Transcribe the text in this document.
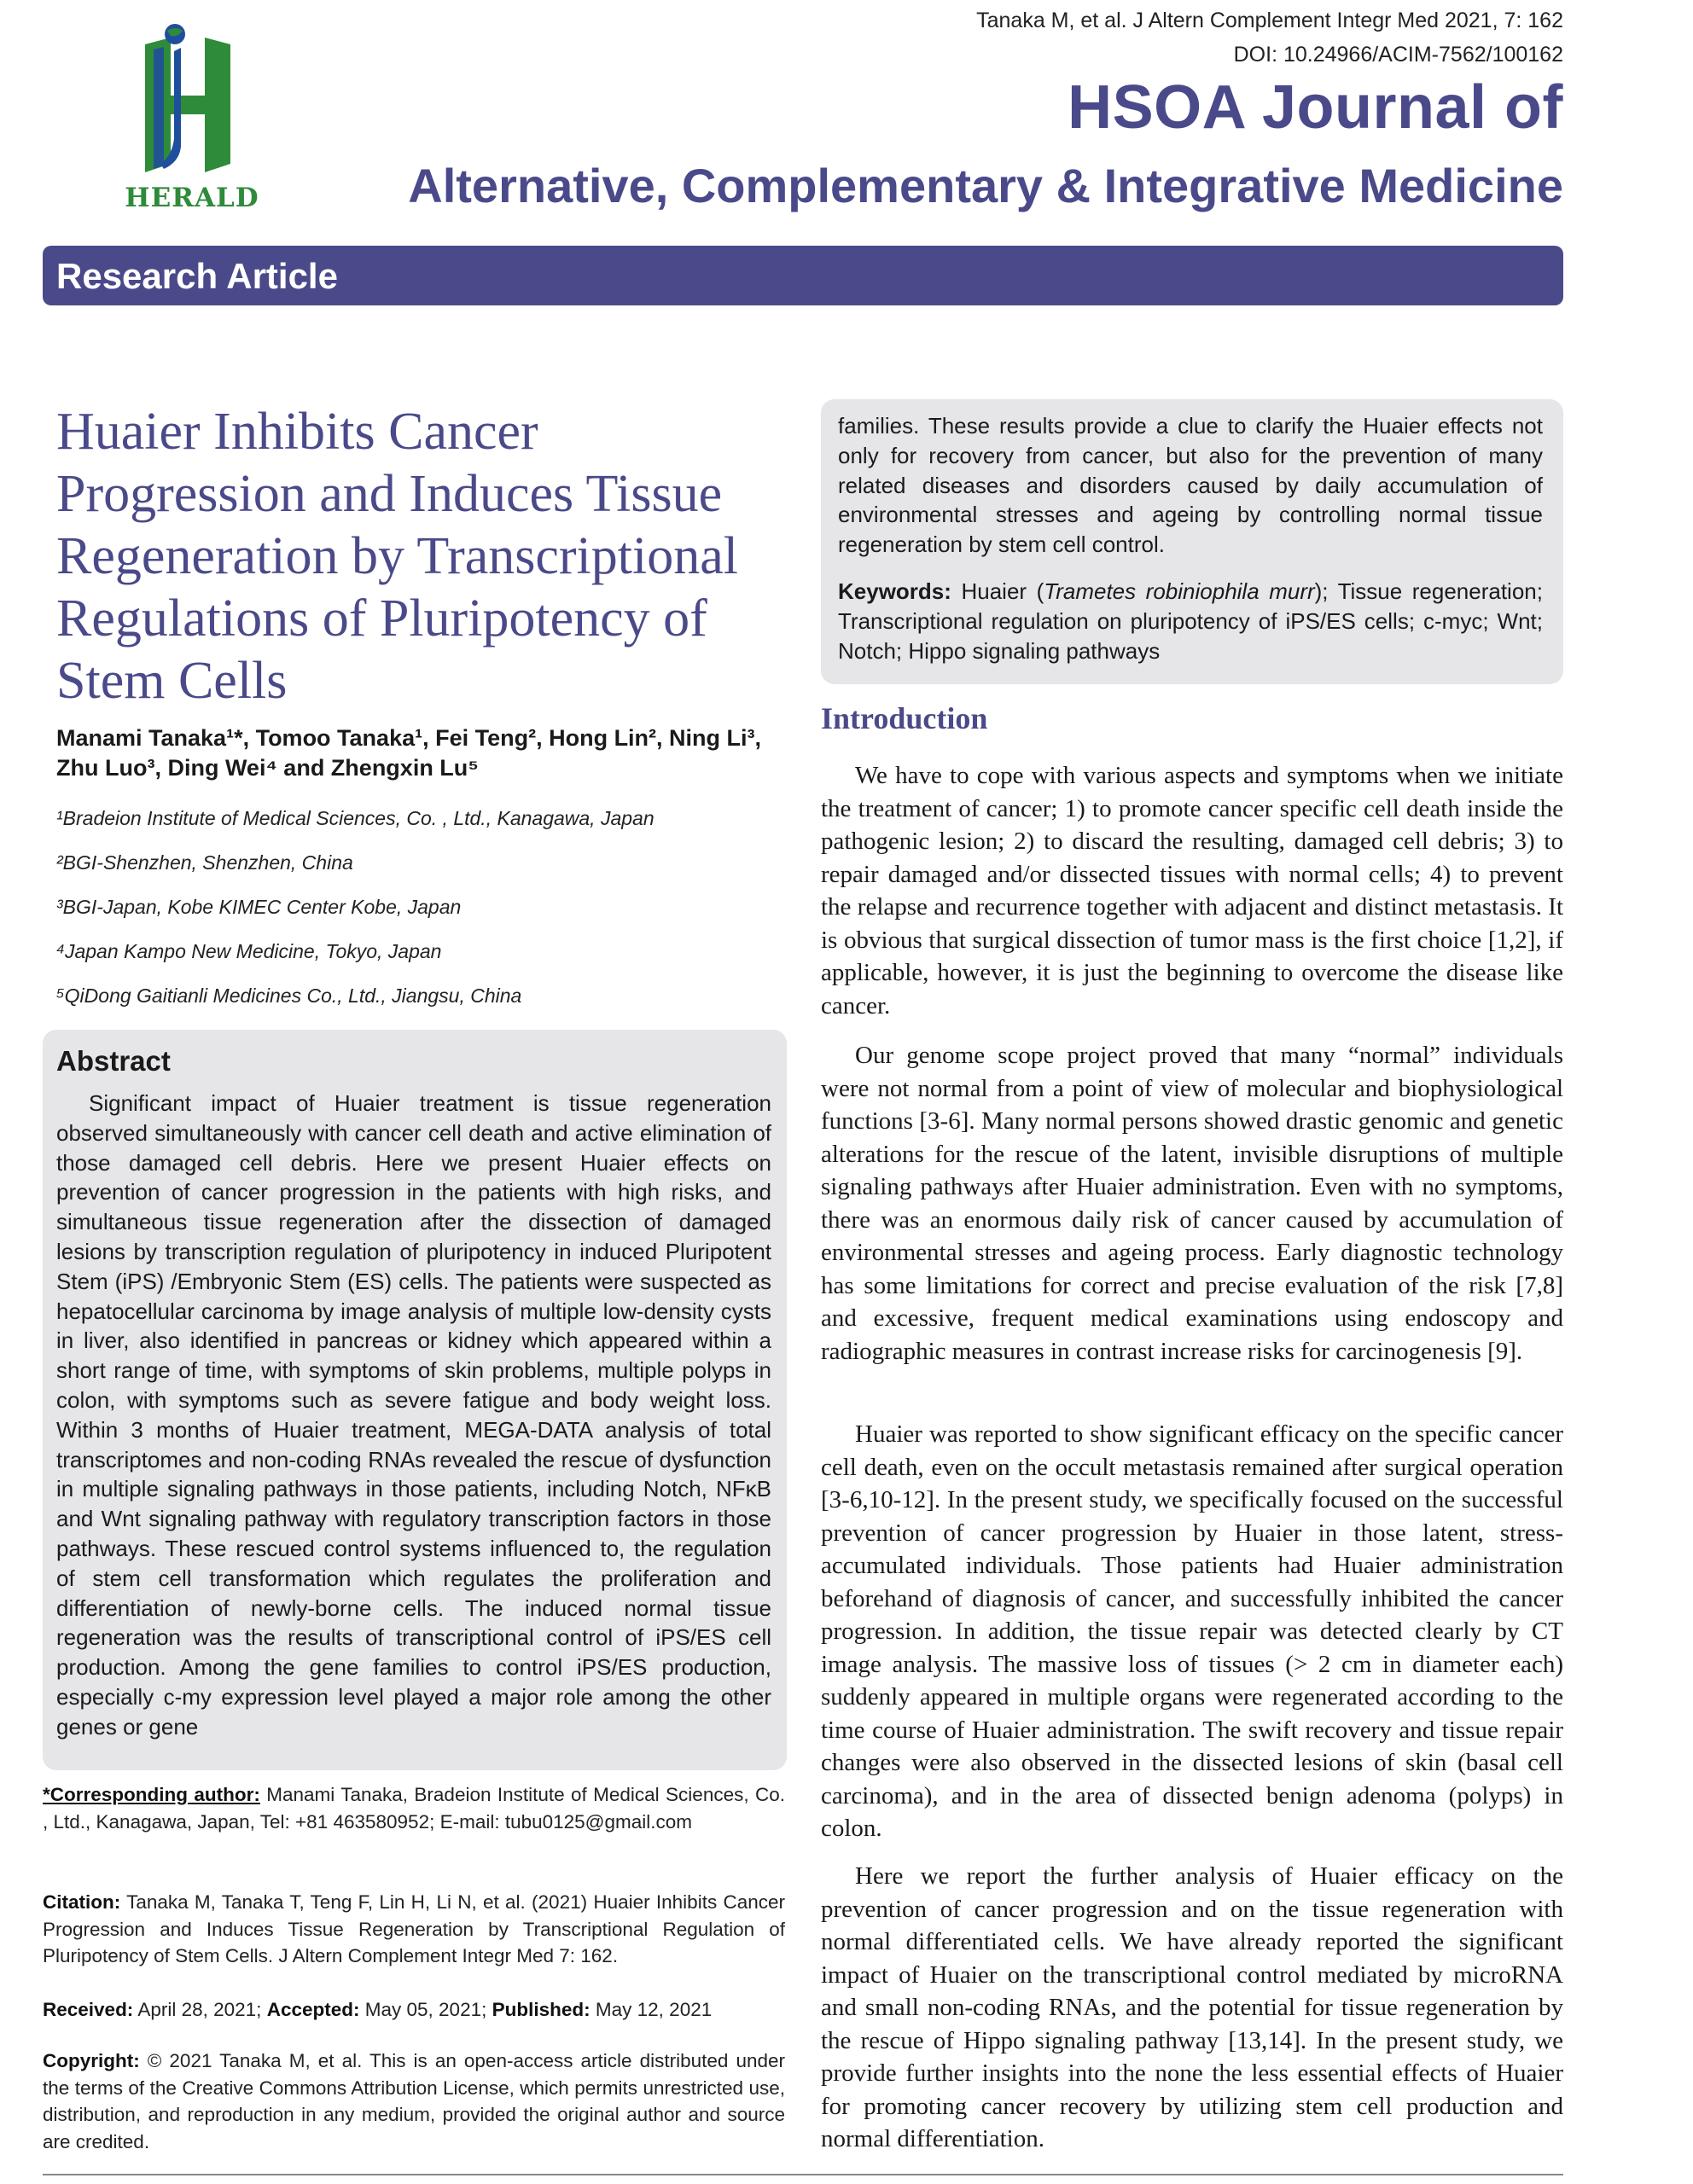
HERALD
Tanaka M, et al. J Altern Complement Integr Med 2021, 7: 162
DOI: 10.24966/ACIM-7562/100162
HSOA Journal of
Alternative, Complementary & Integrative Medicine
Research Article
Huaier Inhibits Cancer Progression and Induces Tissue Regeneration by Transcriptional Regulations of Pluripotency of Stem Cells
Manami Tanaka¹*, Tomoo Tanaka¹, Fei Teng², Hong Lin², Ning Li³, Zhu Luo³, Ding Wei⁴ and Zhengxin Lu⁵
¹Bradeion Institute of Medical Sciences, Co. , Ltd., Kanagawa, Japan
²BGI-Shenzhen, Shenzhen, China
³BGI-Japan, Kobe KIMEC Center Kobe, Japan
⁴Japan Kampo New Medicine, Tokyo, Japan
⁵QiDong Gaitianli Medicines Co., Ltd., Jiangsu, China
Abstract

Significant impact of Huaier treatment is tissue regeneration observed simultaneously with cancer cell death and active elimination of those damaged cell debris. Here we present Huaier effects on prevention of cancer progression in the patients with high risks, and simultaneous tissue regeneration after the dissection of damaged lesions by transcription regulation of pluripotency in induced Pluripotent Stem (iPS) /Embryonic Stem (ES) cells. The patients were suspected as hepatocellular carcinoma by image analysis of multiple low-density cysts in liver, also identified in pancreas or kidney which appeared within a short range of time, with symptoms of skin problems, multiple polyps in colon, with symptoms such as severe fatigue and body weight loss. Within 3 months of Huaier treatment, MEGA-DATA analysis of total transcriptomes and non-coding RNAs revealed the rescue of dysfunction in multiple signaling pathways in those patients, including Notch, NFκB and Wnt signaling pathway with regulatory transcription factors in those pathways. These rescued control systems influenced to, the regulation of stem cell transformation which regulates the proliferation and differentiation of newly-borne cells. The induced normal tissue regeneration was the results of transcriptional control of iPS/ES cell production. Among the gene families to control iPS/ES production, especially c-my expression level played a major role among the other genes or gene

*Corresponding author: Manami Tanaka, Bradeion Institute of Medical Sciences, Co. , Ltd., Kanagawa, Japan, Tel: +81 463580952; E-mail: tubu0125@gmail.com

Citation: Tanaka M, Tanaka T, Teng F, Lin H, Li N, et al. (2021) Huaier Inhibits Cancer Progression and Induces Tissue Regeneration by Transcriptional Regulation of Pluripotency of Stem Cells. J Altern Complement Integr Med 7: 162.

Received: April 28, 2021; Accepted: May 05, 2021; Published: May 12, 2021

Copyright: © 2021 Tanaka M, et al. This is an open-access article distributed under the terms of the Creative Commons Attribution License, which permits unrestricted use, distribution, and reproduction in any medium, provided the original author and source are credited.

families. These results provide a clue to clarify the Huaier effects not only for recovery from cancer, but also for the prevention of many related diseases and disorders caused by daily accumulation of environmental stresses and ageing by controlling normal tissue regeneration by stem cell control.

Keywords: Huaier (Trametes robiniophila murr); Tissue regeneration; Transcriptional regulation on pluripotency of iPS/ES cells; c-myc; Wnt; Notch; Hippo signaling pathways

Introduction

We have to cope with various aspects and symptoms when we initiate the treatment of cancer; 1) to promote cancer specific cell death inside the pathogenic lesion; 2) to discard the resulting, damaged cell debris; 3) to repair damaged and/or dissected tissues with normal cells; 4) to prevent the relapse and recurrence together with adjacent and distinct metastasis. It is obvious that surgical dissection of tumor mass is the first choice [1,2], if applicable, however, it is just the beginning to overcome the disease like cancer.

Our genome scope project proved that many “normal” individuals were not normal from a point of view of molecular and biophysiological functions [3-6]. Many normal persons showed drastic genomic and genetic alterations for the rescue of the latent, invisible disruptions of multiple signaling pathways after Huaier administration. Even with no symptoms, there was an enormous daily risk of cancer caused by accumulation of environmental stresses and ageing process. Early diagnostic technology has some limitations for correct and precise evaluation of the risk [7,8] and excessive, frequent medical examinations using endoscopy and radiographic measures in contrast increase risks for carcinogenesis [9].

Huaier was reported to show significant efficacy on the specific cancer cell death, even on the occult metastasis remained after surgical operation [3-6,10-12]. In the present study, we specifically focused on the successful prevention of cancer progression by Huaier in those latent, stress-accumulated individuals. Those patients had Huaier administration beforehand of diagnosis of cancer, and successfully inhibited the cancer progression. In addition, the tissue repair was detected clearly by CT image analysis. The massive loss of tissues (> 2 cm in diameter each) suddenly appeared in multiple organs were regenerated according to the time course of Huaier administration. The swift recovery and tissue repair changes were also observed in the dissected lesions of skin (basal cell carcinoma), and in the area of dissected benign adenoma (polyps) in colon.

Here we report the further analysis of Huaier efficacy on the prevention of cancer progression and on the tissue regeneration with normal differentiated cells. We have already reported the significant impact of Huaier on the transcriptional control mediated by microRNA and small non-coding RNAs, and the potential for tissue regeneration by the rescue of Hippo signaling pathway [13,14]. In the present study, we provide further insights into the none the less essential effects of Huaier for promoting cancer recovery by utilizing stem cell production and normal differentiation.
